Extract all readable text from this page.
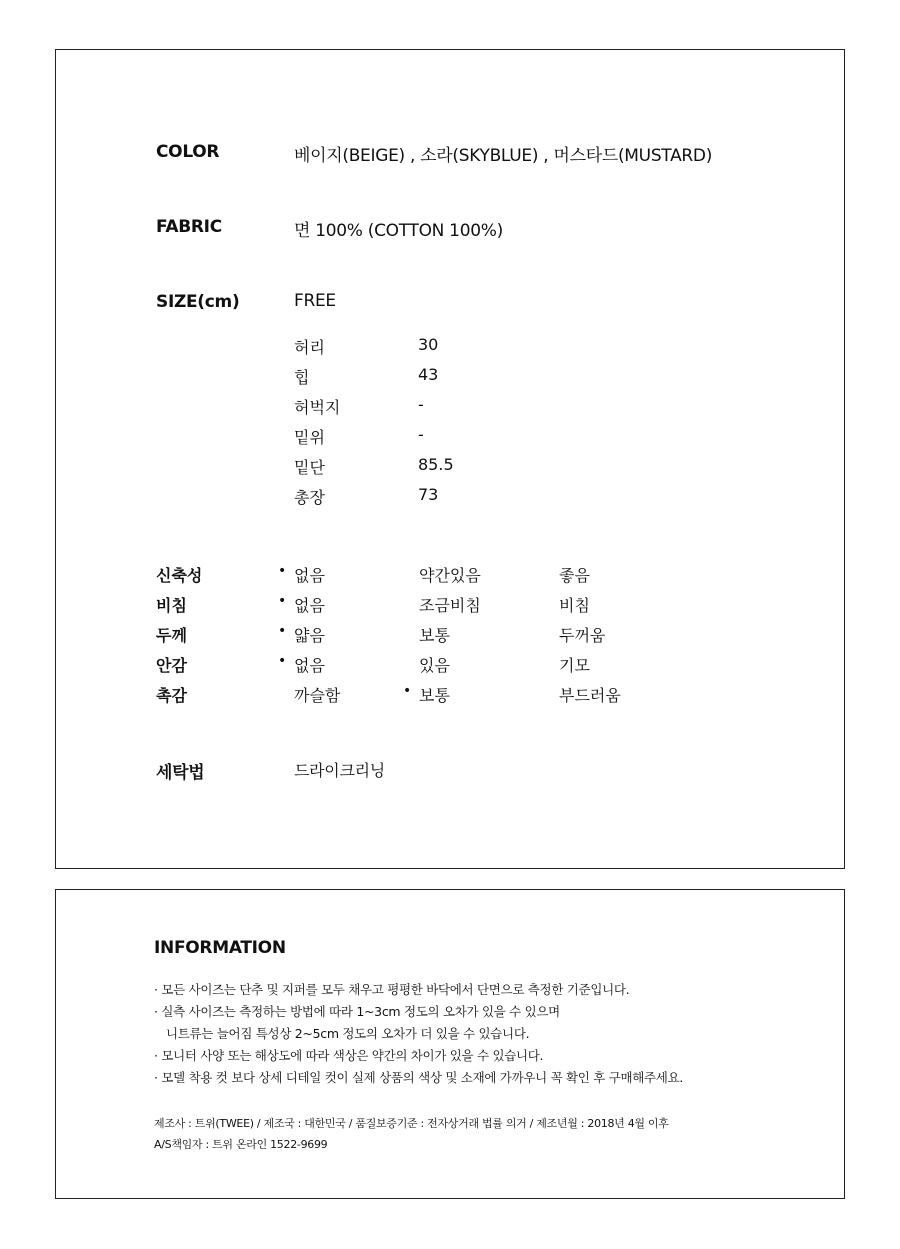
COLOR	베이지(BEIGE) , 소라(SKYBLUE) , 머스타드(MUSTARD)
FABRIC	면 100% (COTTON 100%)
SIZE(cm)	FREE
허리	30
힙	43
허벅지	-
밑위	-
밑단	85.5
총장	73
신축성	• 없음	약간있음	좋음
비침	• 없음	조금비침	비침
두께	• 얇음	보통	두꺼움
안감	• 없음	있음	기모
촉감	까슬함	• 보통	부드러움
세탁법	드라이크리닝
INFORMATION
· 모든 사이즈는 단추 및 지퍼를 모두 채우고 평평한 바닥에서 단면으로 측정한 기준입니다.
· 실측 사이즈는 측정하는 방법에 따라 1~3cm 정도의 오차가 있을 수 있으며
니트류는 늘어짐 특성상 2~5cm 정도의 오차가 더 있을 수 있습니다.
· 모니터 사양 또는 해상도에 따라 색상은 약간의 차이가 있을 수 있습니다.
· 모델 착용 컷 보다 상세 디테일 컷이 실제 상품의 색상 및 소재에 가까우니 꼭 확인 후 구매해주세요.
제조사 : 트위(TWEE) / 제조국 : 대한민국 / 품질보증기준 : 전자상거래 법률 의거 / 제조년월 : 2018년 4월 이후
A/S책임자 : 트위 온라인 1522-9699
